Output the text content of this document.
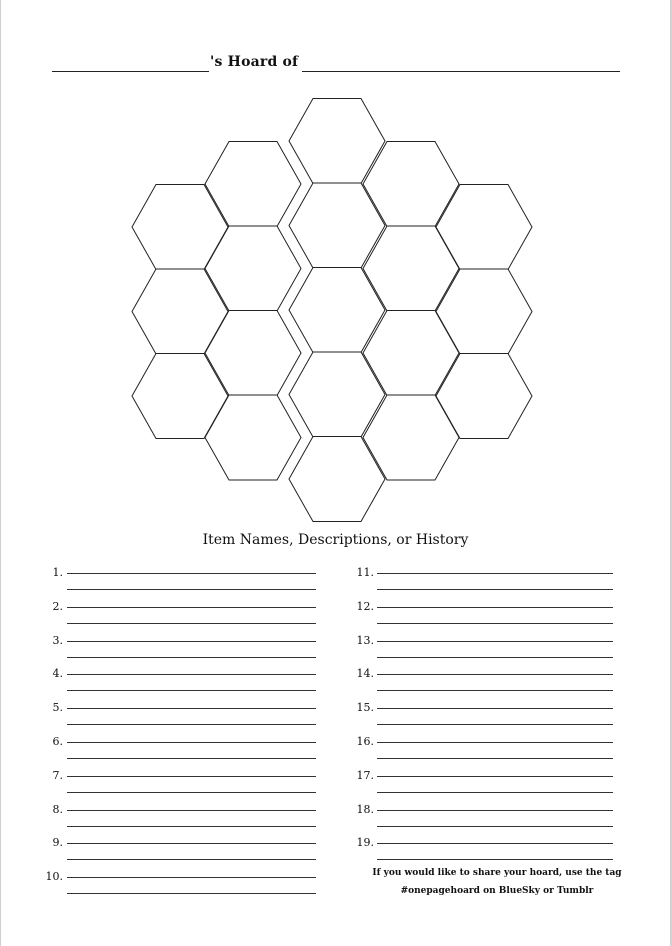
's Hoard of
Item Names, Descriptions, or History
1.
2.
3.
4.
5.
6.
7.
8.
9.
10.
11.
12.
13.
14.
15.
16.
17.
18.
19.
If you would like to share your hoard, use the tag
#onepagehoard on BlueSky or Tumblr
